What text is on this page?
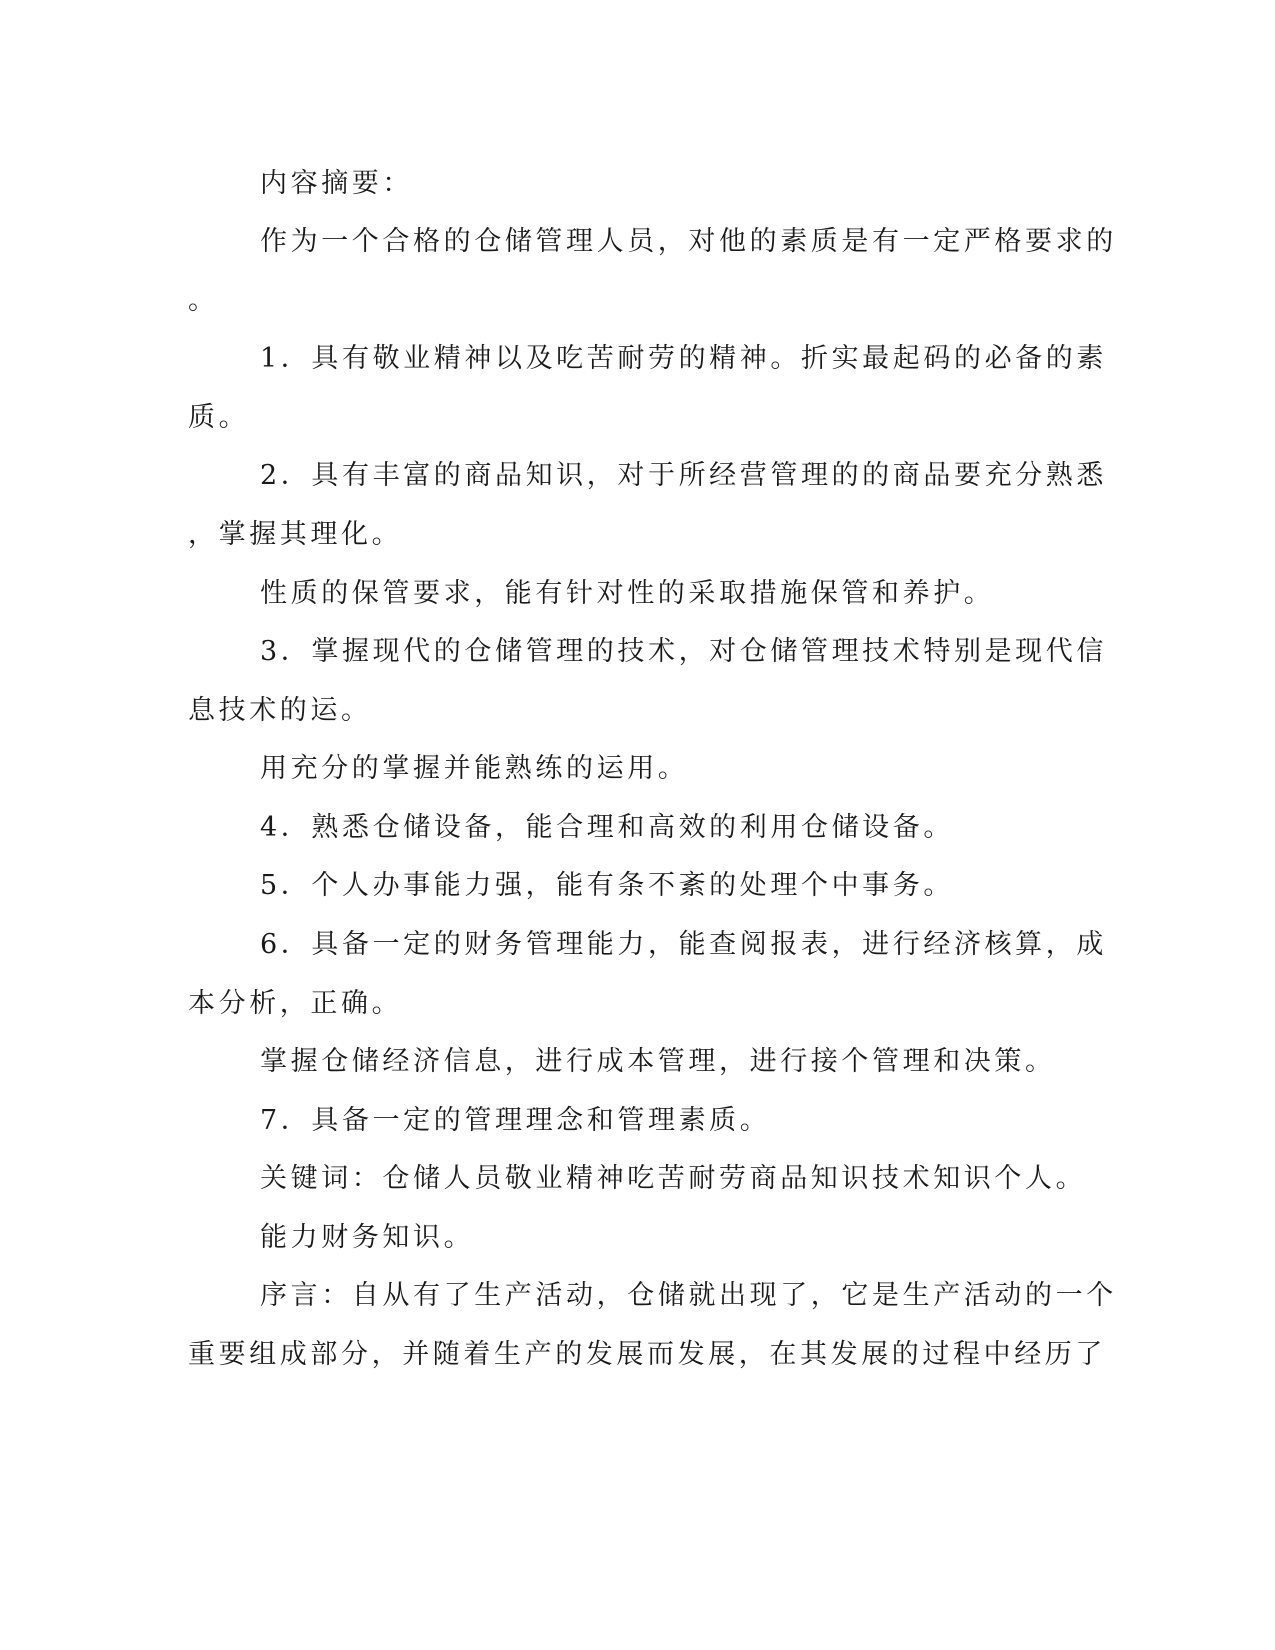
内容摘要：

作为一个合格的仓储管理人员，对他的素质是有一定严格要求的

。

1．具有敬业精神以及吃苦耐劳的精神。折实最起码的必备的素

质。

2．具有丰富的商品知识，对于所经营管理的的商品要充分熟悉

，掌握其理化。

性质的保管要求，能有针对性的采取措施保管和养护。

3．掌握现代的仓储管理的技术，对仓储管理技术特别是现代信

息技术的运。

用充分的掌握并能熟练的运用。

4．熟悉仓储设备，能合理和高效的利用仓储设备。

5．个人办事能力强，能有条不紊的处理个中事务。

6．具备一定的财务管理能力，能查阅报表，进行经济核算，成

本分析，正确。

掌握仓储经济信息，进行成本管理，进行接个管理和决策。

7．具备一定的管理理念和管理素质。

关键词：仓储人员敬业精神吃苦耐劳商品知识技术知识个人。

能力财务知识。

序言：自从有了生产活动，仓储就出现了，它是生产活动的一个

重要组成部分，并随着生产的发展而发展，在其发展的过程中经历了
